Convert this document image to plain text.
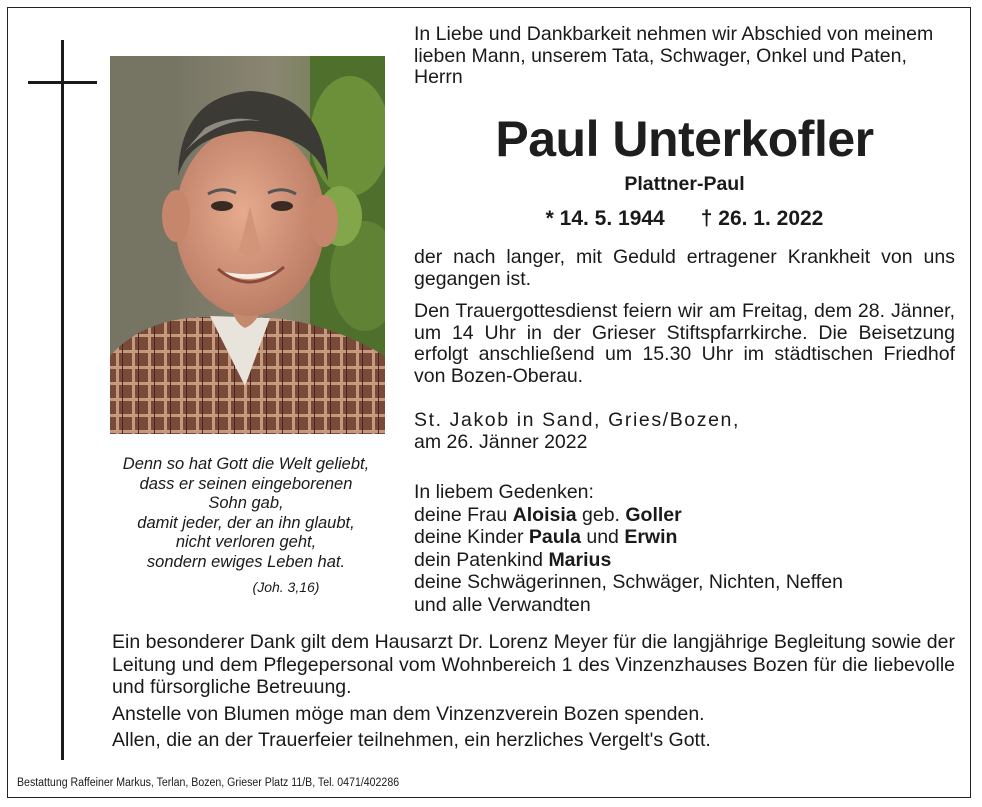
Denn so hat Gott die Welt geliebt,
dass er seinen eingeborenen
Sohn gab,
damit jeder, der an ihn glaubt,
nicht verloren geht,
sondern ewiges Leben hat.
(Joh. 3,16)
In Liebe und Dankbarkeit nehmen wir Abschied von meinem lieben Mann, unserem Tata, Schwager, Onkel und Paten, Herrn
Paul Unterkofler
Plattner-Paul
* 14. 5. 1944 † 26. 1. 2022
der nach langer, mit Geduld ertragener Krankheit von uns gegangen ist.
Den Trauergottesdienst feiern wir am Freitag, dem 28. Jänner, um 14 Uhr in der Grieser Stiftspfarrkirche. Die Beisetzung erfolgt anschließend um 15.30 Uhr im städtischen Friedhof von Bozen-Oberau.
St. Jakob in Sand, Gries/Bozen,
am 26. Jänner 2022
In liebem Gedenken:
deine Frau Aloisia geb. Goller
deine Kinder Paula und Erwin
dein Patenkind Marius
deine Schwägerinnen, Schwäger, Nichten, Neffen
und alle Verwandten
Ein besonderer Dank gilt dem Hausarzt Dr. Lorenz Meyer für die langjährige Begleitung sowie der Leitung und dem Pflegepersonal vom Wohnbereich 1 des Vinzenzhauses Bozen für die liebevolle und fürsorgliche Betreuung.
Anstelle von Blumen möge man dem Vinzenzverein Bozen spenden.
Allen, die an der Trauerfeier teilnehmen, ein herzliches Vergelt's Gott.
Bestattung Raffeiner Markus, Terlan, Bozen, Grieser Platz 11/B, Tel. 0471/402286
